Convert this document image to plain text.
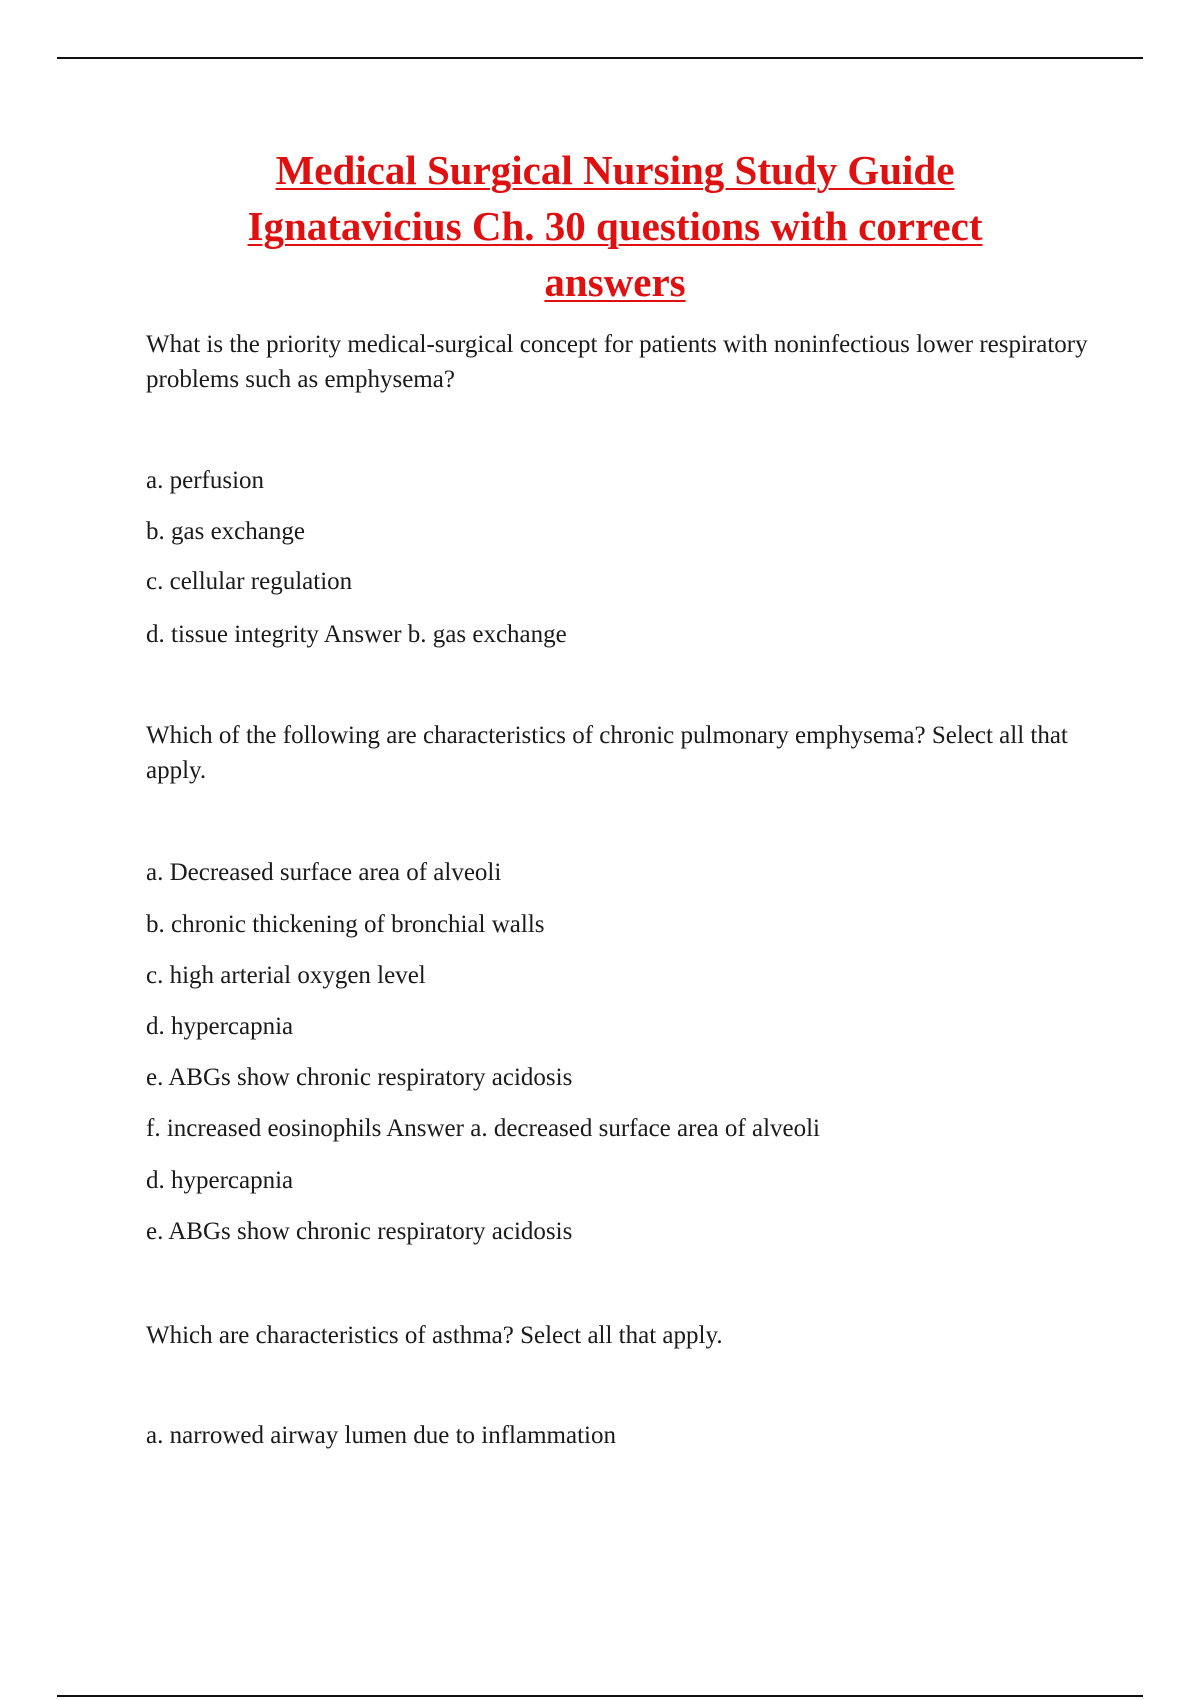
Medical Surgical Nursing Study Guide
Ignatavicius Ch. 30 questions with correct
answers

What is the priority medical-surgical concept for patients with noninfectious lower respiratory problems such as emphysema?

a. perfusion

b. gas exchange

c. cellular regulation

d. tissue integrity Answer b. gas exchange

Which of the following are characteristics of chronic pulmonary emphysema? Select all that apply.

a. Decreased surface area of alveoli

b. chronic thickening of bronchial walls

c. high arterial oxygen level

d. hypercapnia

e. ABGs show chronic respiratory acidosis

f. increased eosinophils Answer a. decreased surface area of alveoli

d. hypercapnia

e. ABGs show chronic respiratory acidosis

Which are characteristics of asthma? Select all that apply.

a. narrowed airway lumen due to inflammation
